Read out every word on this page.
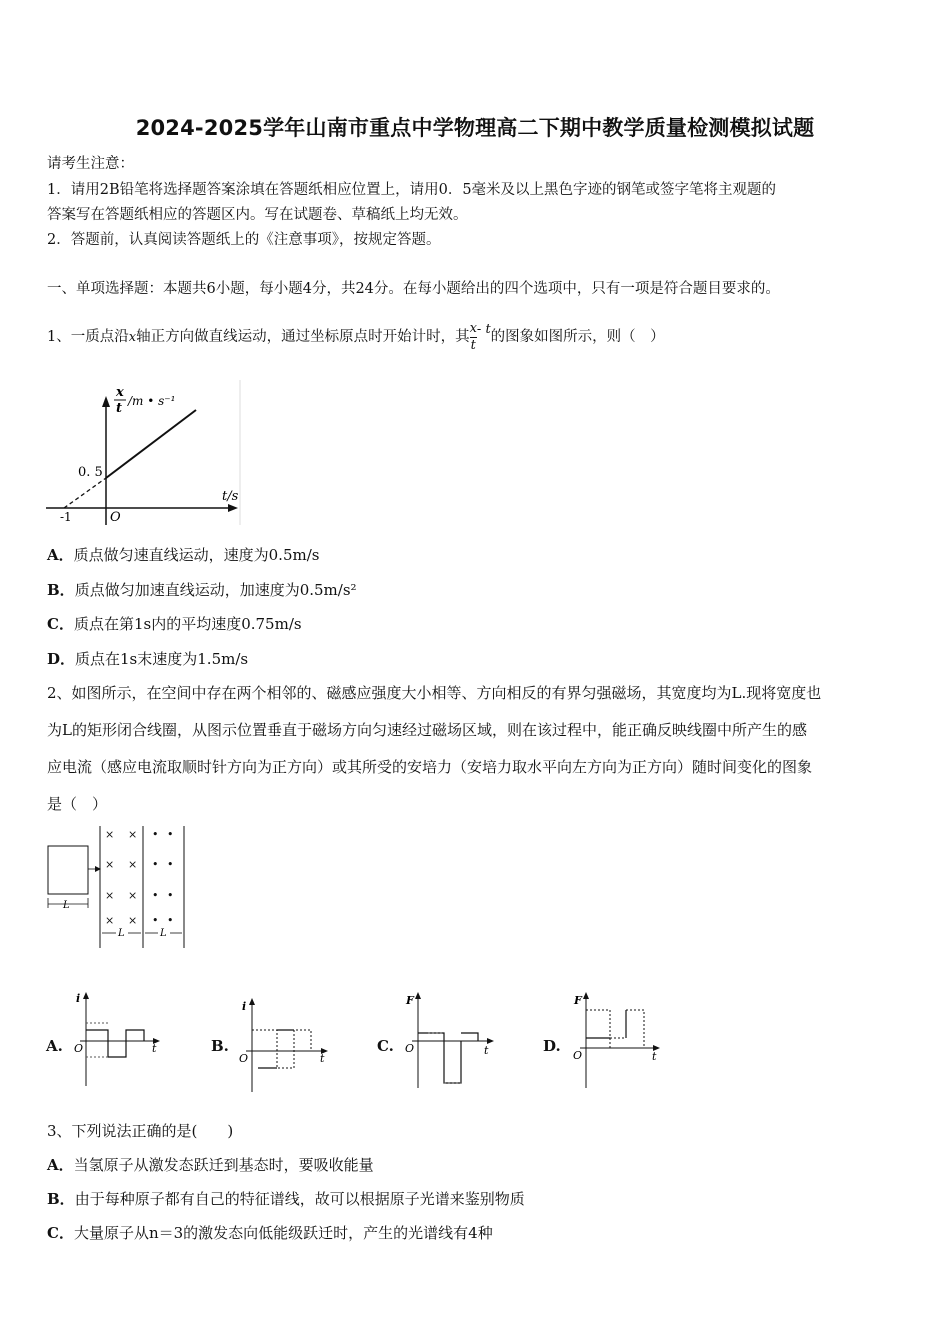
2024-2025学年山南市重点中学物理高二下期中教学质量检测模拟试题
请考生注意：
1．请用2B铅笔将选择题答案涂填在答题纸相应位置上，请用0．5毫米及以上黑色字迹的钢笔或签字笔将主观题的
答案写在答题纸相应的答题区内。写在试题卷、草稿纸上均无效。
2．答题前，认真阅读答题纸上的《注意事项》，按规定答题。
一、单项选择题：本题共6小题，每小题4分，共24分。在每小题给出的四个选项中，只有一项是符合题目要求的。
1、一质点沿x轴正方向做直线运动，通过坐标原点时开始计时，其 $\frac{x}{t}$ - t的图象如图所示，则（　）
x
t /m • s⁻¹
t/s
0. 5
-1	O
A．质点做匀速直线运动，速度为0.5m/s
B．质点做匀加速直线运动，加速度为0.5m/s²
C．质点在第1s内的平均速度0.75m/s
D．质点在1s末速度为1.5m/s
2、如图所示，在空间中存在两个相邻的、磁感应强度大小相等、方向相反的有界匀强磁场，其宽度均为L.现将宽度也
为L的矩形闭合线圈，从图示位置垂直于磁场方向匀速经过磁场区域，则在该过程中，能正确反映线圈中所产生的感
应电流（感应电流取顺时针方向为正方向）或其所受的安培力（安培力取水平向左方向为正方向）随时间变化的图象
是（　）
L
× ×
× ×
× ×
× ×
• •
• •
• •
• •
L	L
A.
i
O	t	B.
i
O	t
C.
F
O	t	D.
F
O	t
3、下列说法正确的是(　　)
A．当氢原子从激发态跃迁到基态时，要吸收能量
B．由于每种原子都有自己的特征谱线，故可以根据原子光谱来鉴别物质
C．大量原子从n＝3的激发态向低能级跃迁时，产生的光谱线有4种
